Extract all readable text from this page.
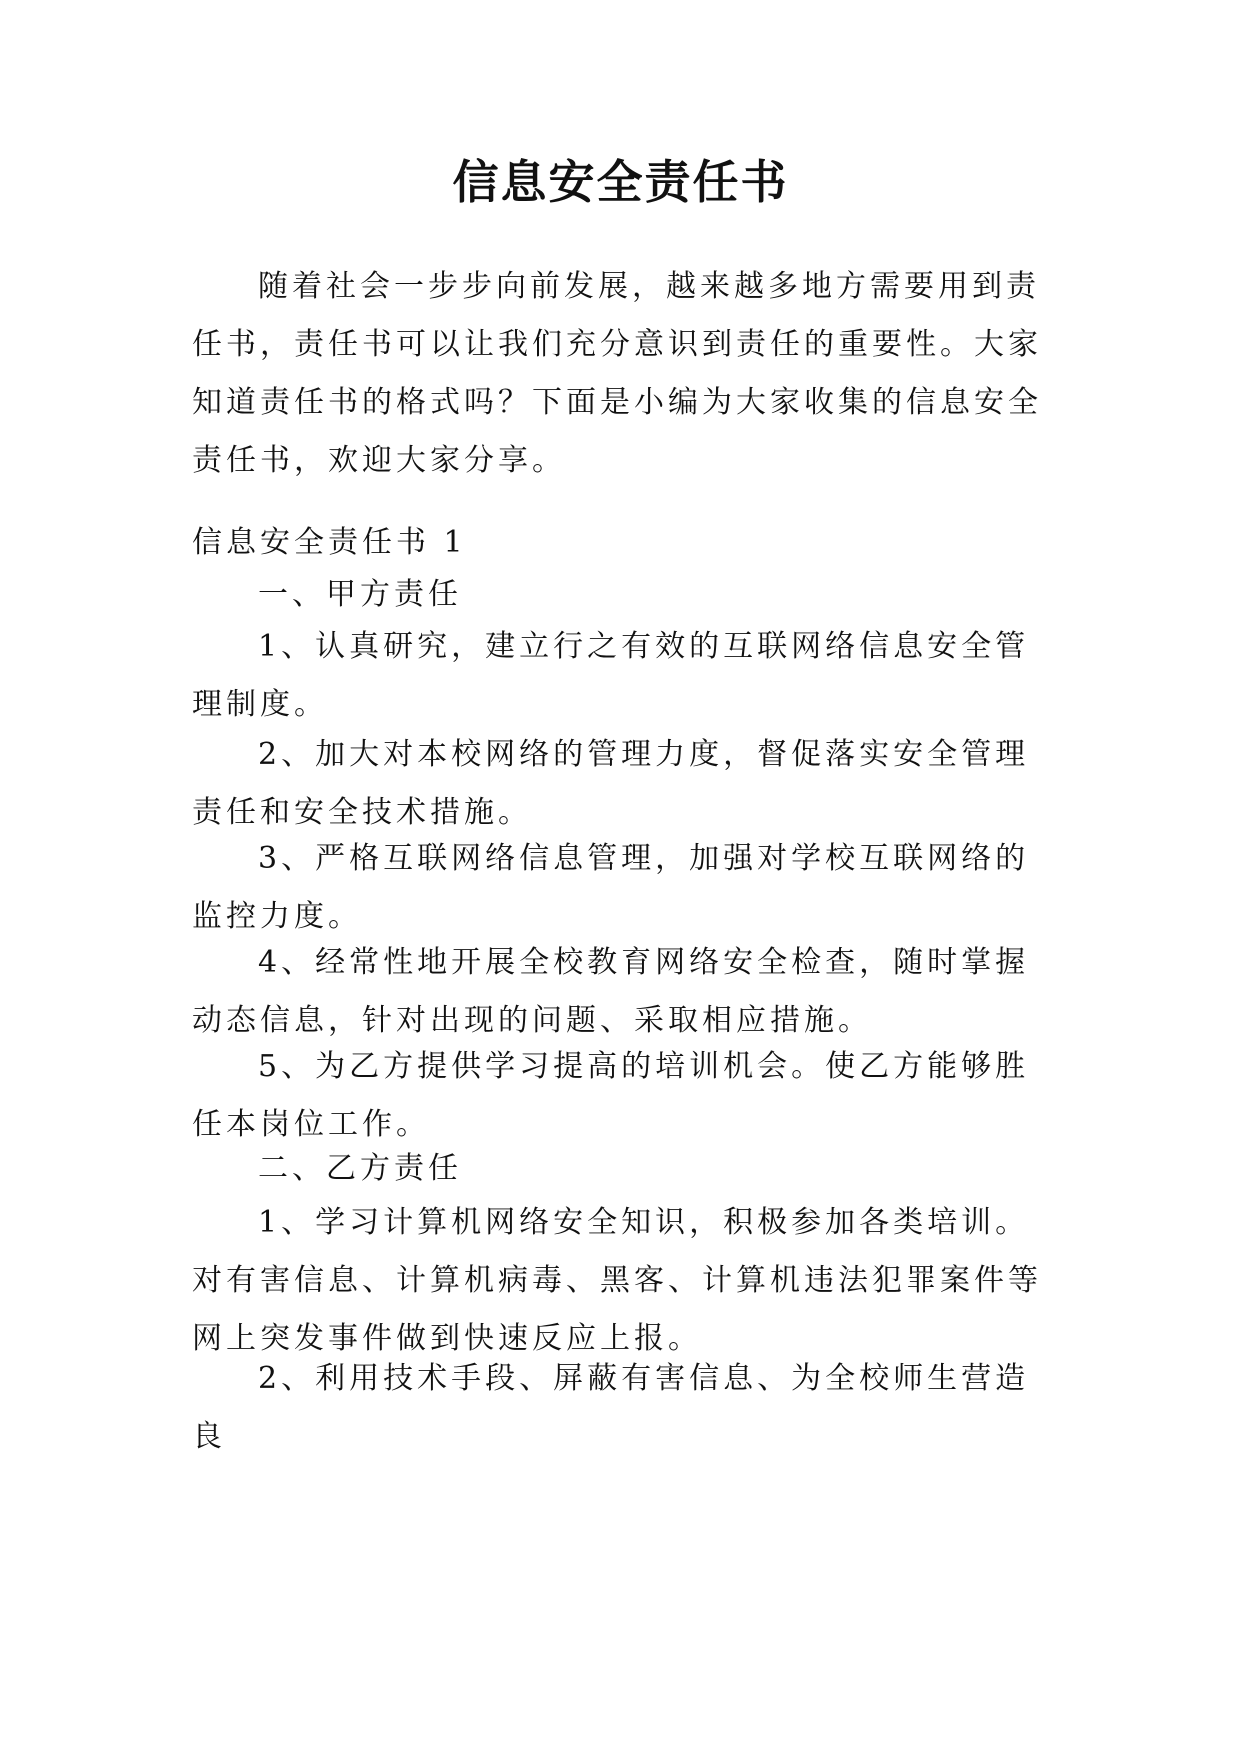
信息安全责任书

随着社会一步步向前发展，越来越多地方需要用到责任书，责任书可以让我们充分意识到责任的重要性。大家知道责任书的格式吗？下面是小编为大家收集的信息安全责任书，欢迎大家分享。

信息安全责任书 1
一、甲方责任

1、认真研究，建立行之有效的互联网络信息安全管理制度。

2、加大对本校网络的管理力度，督促落实安全管理责任和安全技术措施。

3、严格互联网络信息管理，加强对学校互联网络的监控力度。

4、经常性地开展全校教育网络安全检查，随时掌握动态信息，针对出现的问题、采取相应措施。

5、为乙方提供学习提高的培训机会。使乙方能够胜任本岗位工作。

二、乙方责任

1、学习计算机网络安全知识，积极参加各类培训。对有害信息、计算机病毒、黑客、计算机违法犯罪案件等网上突发事件做到快速反应上报。

2、利用技术手段、屏蔽有害信息、为全校师生营造良
